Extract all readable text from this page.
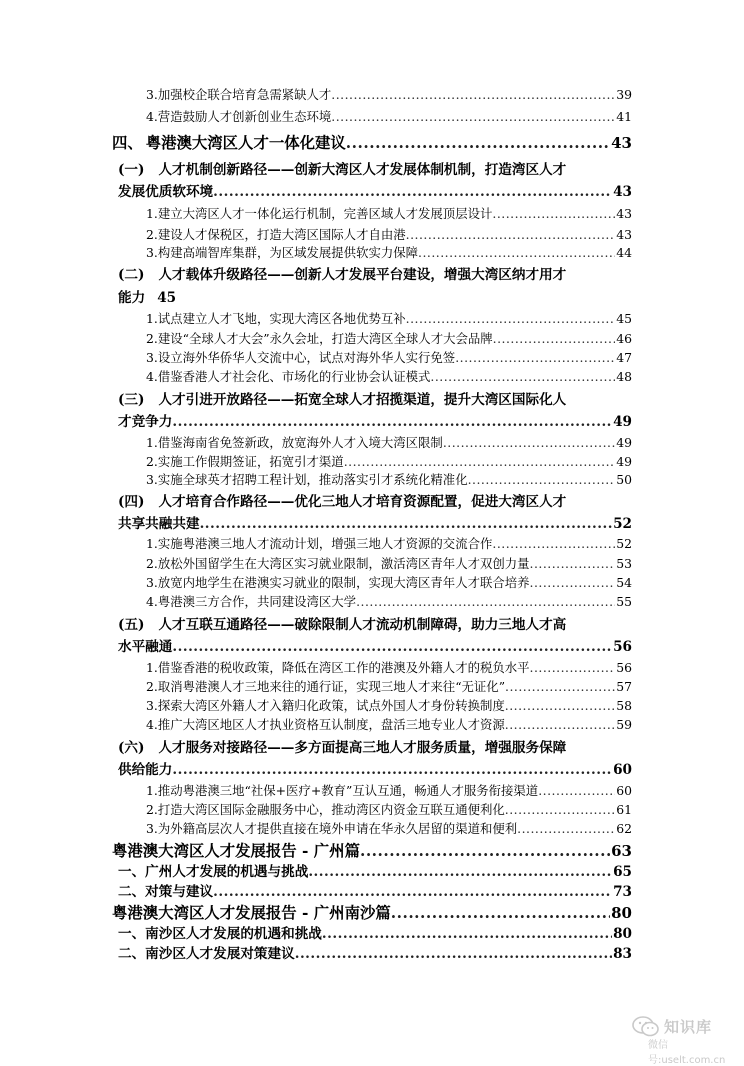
3.加强校企联合培育急需紧缺人才 .....	39
4.营造鼓励人才创新创业生态环境 .....	41
四、 粤港澳大湾区人才一体化建议 .....	43
(一) 人才机制创新路径——创新大湾区人才发展体制机制，打造湾区人才
发展优质软环境 .....	43
1.建立大湾区人才一体化运行机制，完善区域人才发展顶层设计 .....	43
2.建设人才保税区，打造大湾区国际人才自由港 .....	43
3.构建高端智库集群，为区域发展提供软实力保障 .....	44
(二) 人才载体升级路径——创新人才发展平台建设，增强大湾区纳才用才
能力 45
1.试点建立人才飞地，实现大湾区各地优势互补 .....	45
2.建设“全球人才大会”永久会址，打造大湾区全球人才大会品牌 .....	46
3.设立海外华侨华人交流中心，试点对海外华人实行免签 .....	47
4.借鉴香港人才社会化、市场化的行业协会认证模式 .....	48
(三) 人才引进开放路径——拓宽全球人才招揽渠道，提升大湾区国际化人
才竞争力 .....	49
1.借鉴海南省免签新政，放宽海外人才入境大湾区限制 .....	49
2.实施工作假期签证，拓宽引才渠道 .....	49
3.实施全球英才招聘工程计划，推动落实引才系统化精准化 .....	50
(四) 人才培育合作路径——优化三地人才培育资源配置，促进大湾区人才
共享共融共建 .....	52
1.实施粤港澳三地人才流动计划，增强三地人才资源的交流合作 .....	52
2.放松外国留学生在大湾区实习就业限制，激活湾区青年人才双创力量 .....	53
3.放宽内地学生在港澳实习就业的限制，实现大湾区青年人才联合培养 .....	54
4.粤港澳三方合作，共同建设湾区大学 .....	55
(五) 人才互联互通路径——破除限制人才流动机制障碍，助力三地人才高
水平融通 .....	56
1.借鉴香港的税收政策，降低在湾区工作的港澳及外籍人才的税负水平 .....	56
2.取消粤港澳人才三地来往的通行证，实现三地人才来往“无证化” .....	57
3.探索大湾区外籍人才入籍归化政策，试点外国人才身份转换制度 .....	58
4.推广大湾区地区人才执业资格互认制度，盘活三地专业人才资源 .....	59
(六) 人才服务对接路径——多方面提高三地人才服务质量，增强服务保障
供给能力 .....	60
1.推动粤港澳三地“社保+医疗+教育”互认互通，畅通人才服务衔接渠道 .....	60
2.打造大湾区国际金融服务中心，推动湾区内资金互联互通便利化 .....	61
3.为外籍高层次人才提供直接在境外申请在华永久居留的渠道和便利 .....	62
粤港澳大湾区人才发展报告 - 广州篇 .....	63
一、广州人才发展的机遇与挑战 .....	65
二、对策与建议 .....	73
粤港澳大湾区人才发展报告 - 广州南沙篇 .....	80
一、南沙区人才发展的机遇和挑战 .....	80
二、南沙区人才发展对策建议 .....	83
知识库
微信号:uselt.com.cn
